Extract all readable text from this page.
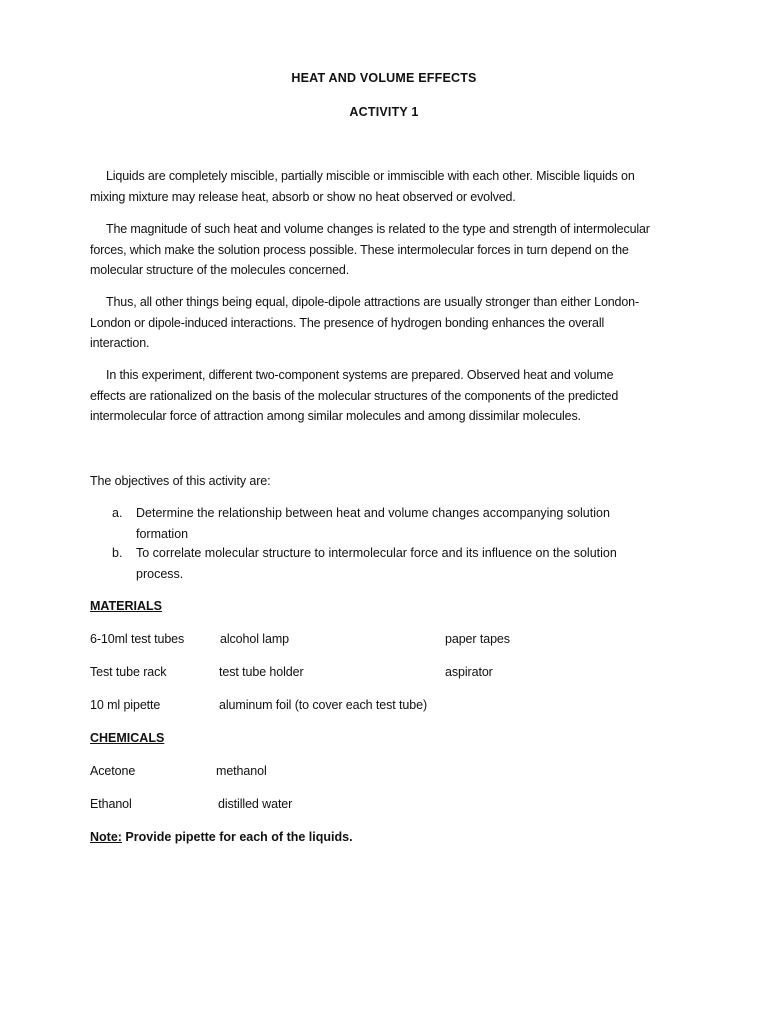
HEAT AND VOLUME EFFECTS
ACTIVITY 1
Liquids are completely miscible, partially miscible or immiscible with each other. Miscible liquids on
mixing mixture may release heat, absorb or show no heat observed or evolved.
The magnitude of such heat and volume changes is related to the type and strength of intermolecular
forces, which make the solution process possible. These intermolecular forces in turn depend on the
molecular structure of the molecules concerned.
Thus, all other things being equal, dipole-dipole attractions are usually stronger than either London-
London or dipole-induced interactions. The presence of hydrogen bonding enhances the overall
interaction.
In this experiment, different two-component systems are prepared. Observed heat and volume
effects are rationalized on the basis of the molecular structures of the components of the predicted
intermolecular force of attraction among similar molecules and among dissimilar molecules.
The objectives of this activity are:
a. Determine the relationship between heat and volume changes accompanying solution
formation
b. To correlate molecular structure to intermolecular force and its influence on the solution
process.
MATERIALS
6-10ml test tubes	alcohol lamp	paper tapes
Test tube rack	test tube holder	aspirator
10 ml pipette	aluminum foil (to cover each test tube)
CHEMICALS
Acetone	methanol
Ethanol	distilled water
Note: Provide pipette for each of the liquids.
